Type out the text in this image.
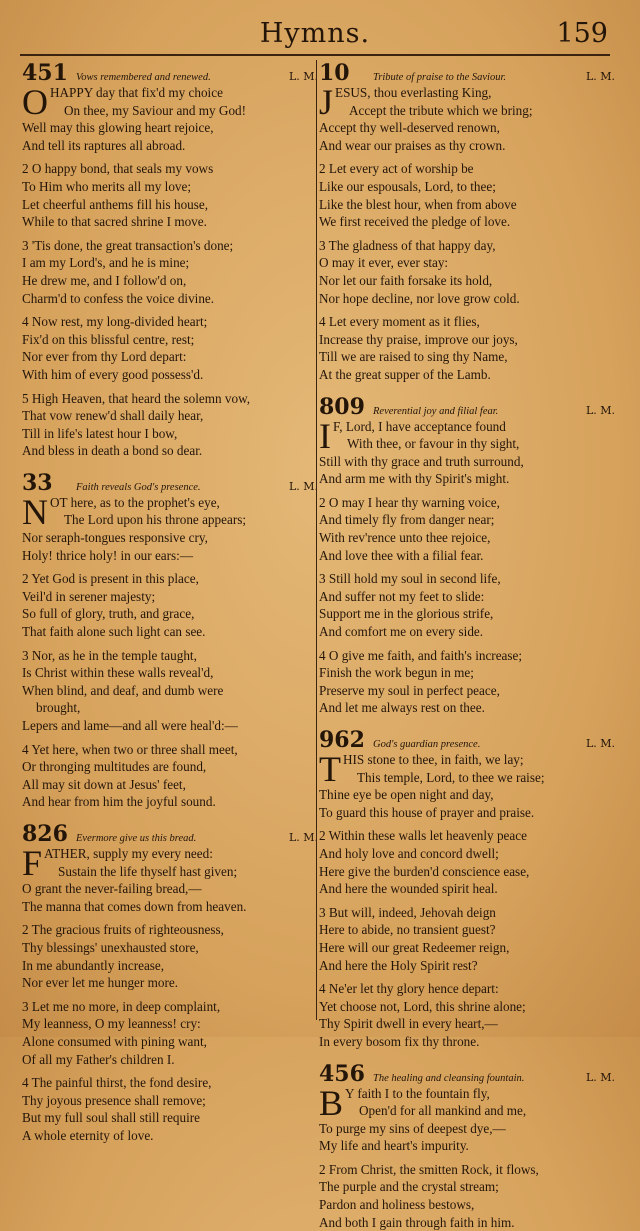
Hymns.	159
451 Vows remembered and renewed.	L. M.
O HAPPY day that fix'd my choice
On thee, my Saviour and my God!
Well may this glowing heart rejoice,
And tell its raptures all abroad.
2 O happy bond, that seals my vows
To Him who merits all my love;
Let cheerful anthems fill his house,
While to that sacred shrine I move.
3 'Tis done, the great transaction's done;
I am my Lord's, and he is mine;
He drew me, and I follow'd on,
Charm'd to confess the voice divine.
4 Now rest, my long-divided heart;
Fix'd on this blissful centre, rest;
Nor ever from thy Lord depart:
With him of every good possess'd.
5 High Heaven, that heard the solemn vow,
That vow renew'd shall daily hear,
Till in life's latest hour I bow,
And bless in death a bond so dear.
33	Faith reveals God's presence.	L. M.
N OT here, as to the prophet's eye,
The Lord upon his throne appears;
Nor seraph-tongues responsive cry,
Holy! thrice holy! in our ears:—
2 Yet God is present in this place,
Veil'd in serener majesty;
So full of glory, truth, and grace,
That faith alone such light can see.
3 Nor, as he in the temple taught,
Is Christ within these walls reveal'd,
When blind, and deaf, and dumb were
brought,
Lepers and lame—and all were heal'd:—
4 Yet here, when two or three shall meet,
Or thronging multitudes are found,
All may sit down at Jesus' feet,
And hear from him the joyful sound.
826 Evermore give us this bread.	L. M.
F ATHER, supply my every need:
Sustain the life thyself hast given;
O grant the never-failing bread,—
The manna that comes down from heaven.
2 The gracious fruits of righteousness,
Thy blessings' unexhausted store,
In me abundantly increase,
Nor ever let me hunger more.
3 Let me no more, in deep complaint,
My leanness, O my leanness! cry:
Alone consumed with pining want,
Of all my Father's children I.
4 The painful thirst, the fond desire,
Thy joyous presence shall remove;
But my full soul shall still require
A whole eternity of love.
10	Tribute of praise to the Saviour.	L. M.
J ESUS, thou everlasting King,
Accept the tribute which we bring;
Accept thy well-deserved renown,
And wear our praises as thy crown.
2 Let every act of worship be
Like our espousals, Lord, to thee;
Like the blest hour, when from above
We first received the pledge of love.
3 The gladness of that happy day,
O may it ever, ever stay:
Nor let our faith forsake its hold,
Nor hope decline, nor love grow cold.
4 Let every moment as it flies,
Increase thy praise, improve our joys,
Till we are raised to sing thy Name,
At the great supper of the Lamb.
809 Reverential joy and filial fear.	L. M.
I F, Lord, I have acceptance found
With thee, or favour in thy sight,
Still with thy grace and truth surround,
And arm me with thy Spirit's might.
2 O may I hear thy warning voice,
And timely fly from danger near;
With rev'rence unto thee rejoice,
And love thee with a filial fear.
3 Still hold my soul in second life,
And suffer not my feet to slide:
Support me in the glorious strife,
And comfort me on every side.
4 O give me faith, and faith's increase;
Finish the work begun in me;
Preserve my soul in perfect peace,
And let me always rest on thee.
962 God's guardian presence.	L. M.
T HIS stone to thee, in faith, we lay;
This temple, Lord, to thee we raise;
Thine eye be open night and day,
To guard this house of prayer and praise.
2 Within these walls let heavenly peace
And holy love and concord dwell;
Here give the burden'd conscience ease,
And here the wounded spirit heal.
3 But will, indeed, Jehovah deign
Here to abide, no transient guest?
Here will our great Redeemer reign,
And here the Holy Spirit rest?
4 Ne'er let thy glory hence depart:
Yet choose not, Lord, this shrine alone;
Thy Spirit dwell in every heart,—
In every bosom fix thy throne.
456 The healing and cleansing fountain.	L. M.
B Y faith I to the fountain fly,
Open'd for all mankind and me,
To purge my sins of deepest dye,—
My life and heart's impurity.
2 From Christ, the smitten Rock, it flows,
The purple and the crystal stream;
Pardon and holiness bestows,
And both I gain through faith in him.
